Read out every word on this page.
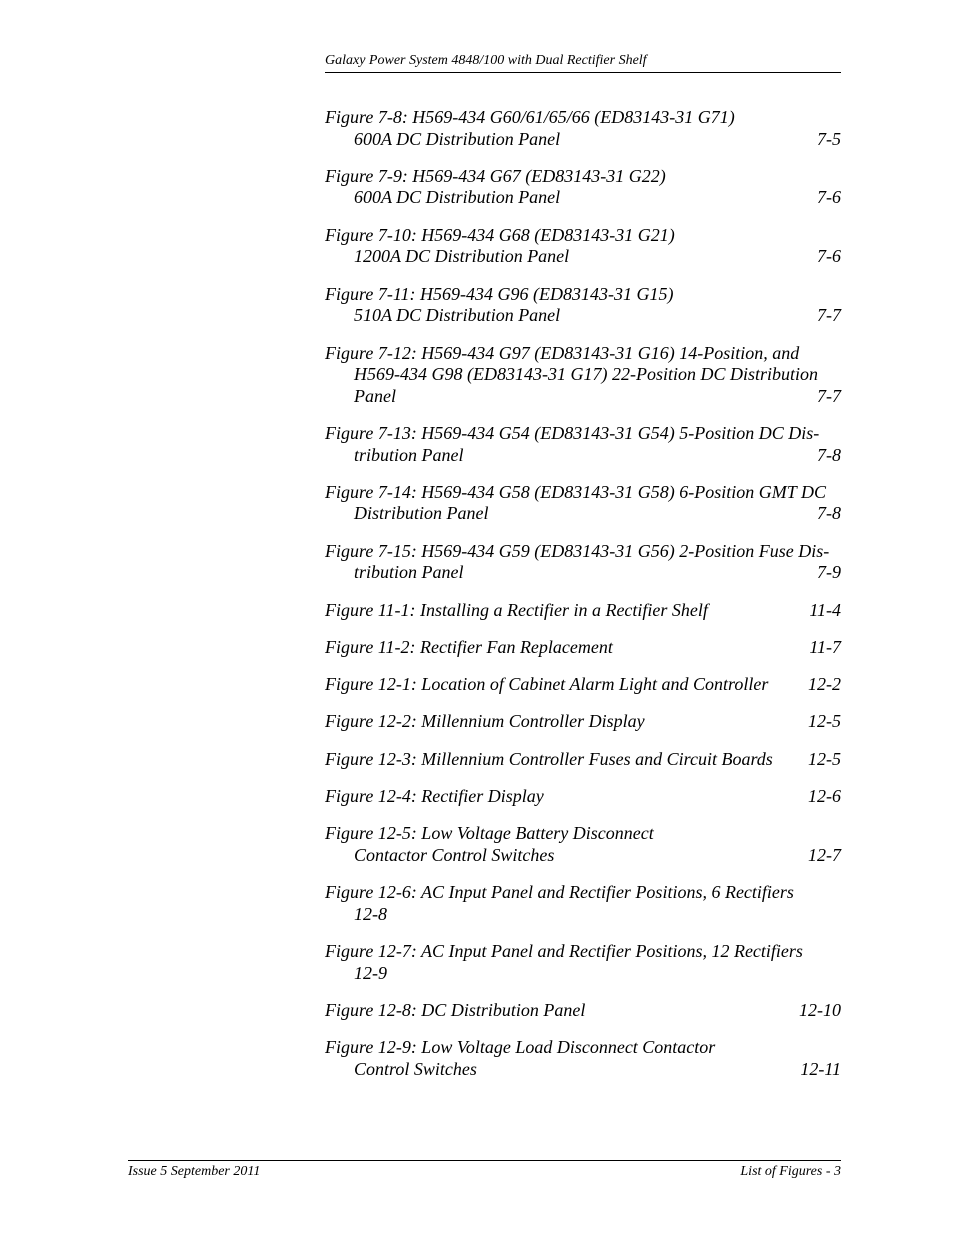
Galaxy Power System 4848/100 with Dual Rectifier Shelf
Figure 7-8: H569-434 G60/61/65/66 (ED83143-31 G71)
600A DC Distribution Panel	7-5
Figure 7-9: H569-434 G67 (ED83143-31 G22)
600A DC Distribution Panel	7-6
Figure 7-10: H569-434 G68 (ED83143-31 G21)
1200A DC Distribution Panel	7-6
Figure 7-11: H569-434 G96 (ED83143-31 G15)
510A DC Distribution Panel	7-7
Figure 7-12: H569-434 G97 (ED83143-31 G16) 14-Position, and
H569-434 G98 (ED83143-31 G17) 22-Position DC Distribution
Panel	7-7
Figure 7-13: H569-434 G54 (ED83143-31 G54) 5-Position DC Dis-
tribution Panel	7-8
Figure 7-14: H569-434 G58 (ED83143-31 G58) 6-Position GMT DC
Distribution Panel	7-8
Figure 7-15: H569-434 G59 (ED83143-31 G56) 2-Position Fuse Dis-
tribution Panel	7-9
Figure 11-1: Installing a Rectifier in a Rectifier Shelf	11-4
Figure 11-2: Rectifier Fan Replacement	11-7
Figure 12-1: Location of Cabinet Alarm Light and Controller	12-2
Figure 12-2: Millennium Controller Display	12-5
Figure 12-3: Millennium Controller Fuses and Circuit Boards	12-5
Figure 12-4: Rectifier Display	12-6
Figure 12-5: Low Voltage Battery Disconnect
Contactor Control Switches	12-7
Figure 12-6: AC Input Panel and Rectifier Positions, 6 Rectifiers
12-8
Figure 12-7: AC Input Panel and Rectifier Positions, 12 Rectifiers
12-9
Figure 12-8: DC Distribution Panel	12-10
Figure 12-9: Low Voltage Load Disconnect Contactor
Control Switches	12-11
Issue 5 September 2011	List of Figures - 3
